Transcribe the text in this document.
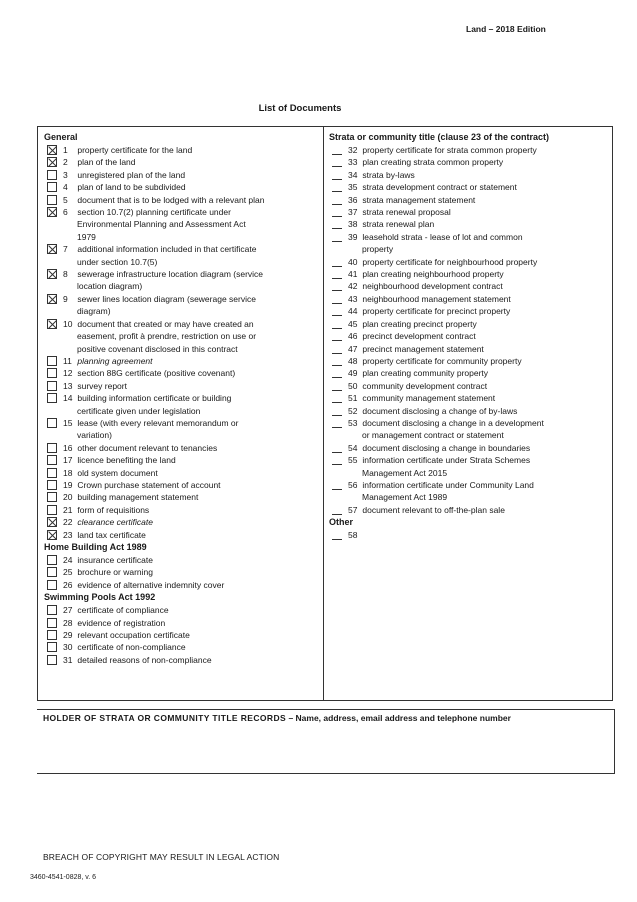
Land – 2018 Edition
List of Documents
General
1 property certificate for the land
2 plan of the land
3 unregistered plan of the land
4 plan of land to be subdivided
5 document that is to be lodged with a relevant plan
6 section 10.7(2) planning certificate under
Environmental Planning and Assessment Act
1979
7 additional information included in that certificate
under section 10.7(5)
8 sewerage infrastructure location diagram (service
location diagram)
9 sewer lines location diagram (sewerage service
diagram)
10 document that created or may have created an
easement, profit à prendre, restriction on use or
positive covenant disclosed in this contract
11 planning agreement
12 section 88G certificate (positive covenant)
13 survey report
14 building information certificate or building
certificate given under legislation
15 lease (with every relevant memorandum or
variation)
16 other document relevant to tenancies
17 licence benefiting the land
18 old system document
19 Crown purchase statement of account
20 building management statement
21 form of requisitions
22 clearance certificate
23 land tax certificate
Home Building Act 1989
24 insurance certificate
25 brochure or warning
26 evidence of alternative indemnity cover
Swimming Pools Act 1992
27 certificate of compliance
28 evidence of registration
29 relevant occupation certificate
30 certificate of non-compliance
31 detailed reasons of non-compliance
Strata or community title (clause 23 of the contract)
32 property certificate for strata common property
33 plan creating strata common property
34 strata by-laws
35 strata development contract or statement
36 strata management statement
37 strata renewal proposal
38 strata renewal plan
39 leasehold strata - lease of lot and common
property
40 property certificate for neighbourhood property
41 plan creating neighbourhood property
42 neighbourhood development contract
43 neighbourhood management statement
44 property certificate for precinct property
45 plan creating precinct property
46 precinct development contract
47 precinct management statement
48 property certificate for community property
49 plan creating community property
50 community development contract
51 community management statement
52 document disclosing a change of by-laws
53 document disclosing a change in a development
or management contract or statement
54 document disclosing a change in boundaries
55 information certificate under Strata Schemes
Management Act 2015
56 information certificate under Community Land
Management Act 1989
57 document relevant to off-the-plan sale
Other
58
HOLDER OF STRATA OR COMMUNITY TITLE RECORDS – Name, address, email address and telephone number
BREACH OF COPYRIGHT MAY RESULT IN LEGAL ACTION
3460-4541-0828, v. 6
